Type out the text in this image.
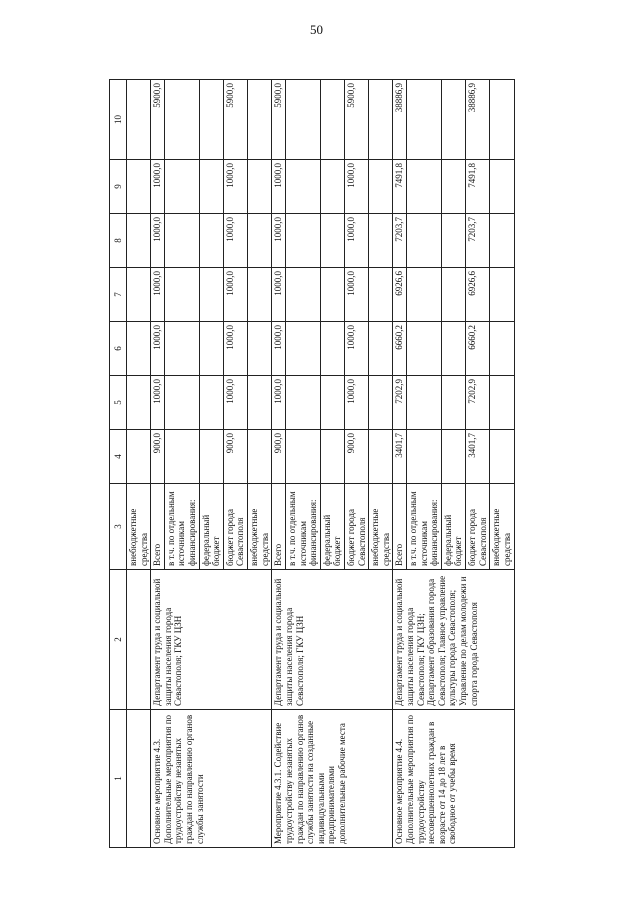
50
1	2	3	4	5	6	7	8	9	10
		внебюджетные средства							
Основное мероприятие 4.3. Дополнительные мероприятия по трудоустройству незанятых граждан по направлению органов службы занятости	Департамент труда и социальной защиты населения города Севастополя; ГКУ ЦЗН	Всего	900,0	1000,0	1000,0	1000,0	1000,0	1000,0	5900,0
		в т.ч. по отдельным источникам финансирования:							
		федеральный бюджет							
		бюджет города Севастополя	900,0	1000,0	1000,0	1000,0	1000,0	1000,0	5900,0
		внебюджетные средства							
Мероприятие 4.3.1. Содействие трудоустройству незанятых граждан по направлению органов службы занятости на созданные индивидуальными предпринимателями дополнительные рабочие места	Департамент труда и социальной защиты населения города Севастополя; ГКУ ЦЗН	Всего	900,0	1000,0	1000,0	1000,0	1000,0	1000,0	5900,0
		в т.ч. по отдельным источникам финансирования:							
		федеральный бюджет							
		бюджет города Севастополя	900,0	1000,0	1000,0	1000,0	1000,0	1000,0	5900,0
		внебюджетные средства							
Основное мероприятие 4.4. Дополнительные мероприятия по трудоустройству несовершеннолетних граждан в возрасте от 14 до 18 лет в свободное от учебы время	Департамент труда и социальной защиты населения города Севастополя; ГКУ ЦЗН; Департамент образования города Севастополя; Главное управление культуры города Севастополя; Управление по делам молодежи и спорта города Севастополя	Всего	3401,7	7202,9	6660,2	6926,6	7203,7	7491,8	38886,9
		в т.ч. по отдельным источникам финансирования:							
		федеральный бюджет							
		бюджет города Севастополя	3401,7	7202,9	6660,2	6926,6	7203,7	7491,8	38886,9
		внебюджетные средства							
